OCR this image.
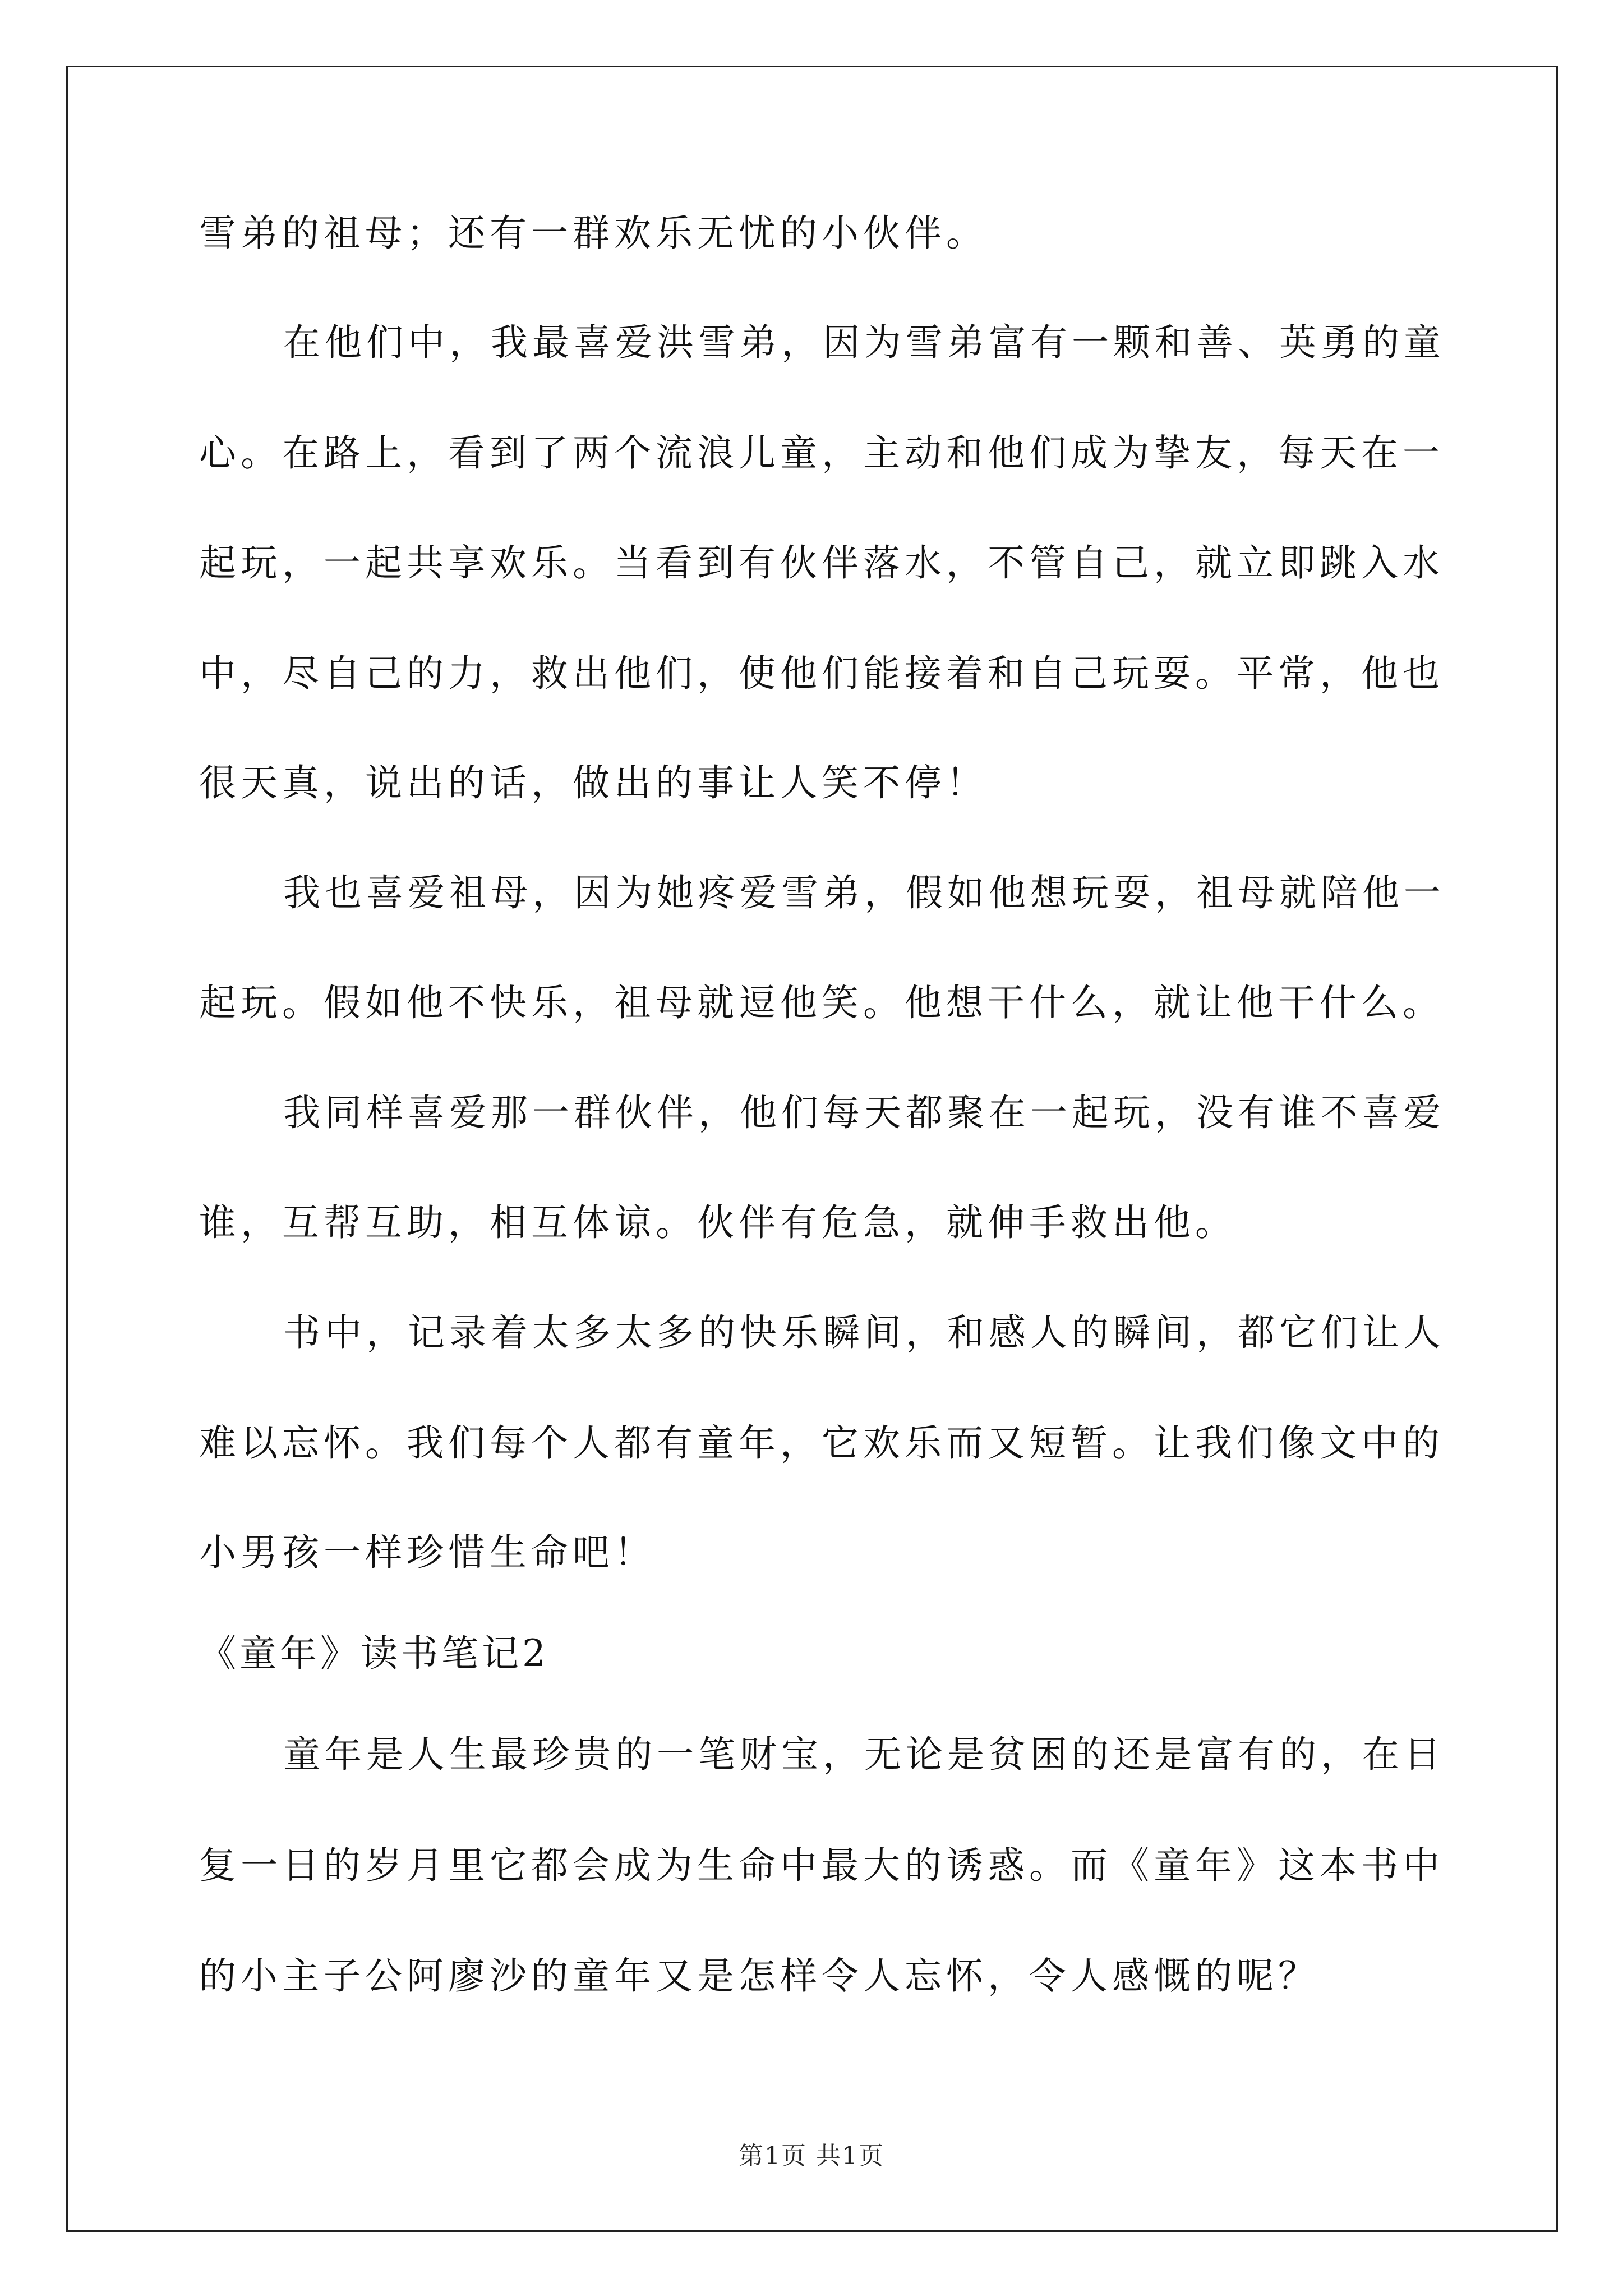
雪弟的祖母；还有一群欢乐无忧的小伙伴。
在他们中，我最喜爱洪雪弟，因为雪弟富有一颗和善、英勇的童
心。在路上，看到了两个流浪儿童，主动和他们成为挚友，每天在一
起玩，一起共享欢乐。当看到有伙伴落水，不管自己，就立即跳入水
中，尽自己的力，救出他们，使他们能接着和自己玩耍。平常，他也
很天真，说出的话，做出的事让人笑不停！
我也喜爱祖母，因为她疼爱雪弟，假如他想玩耍，祖母就陪他一
起玩。假如他不快乐，祖母就逗他笑。他想干什么，就让他干什么。
我同样喜爱那一群伙伴，他们每天都聚在一起玩，没有谁不喜爱
谁，互帮互助，相互体谅。伙伴有危急，就伸手救出他。
书中，记录着太多太多的快乐瞬间，和感人的瞬间，都它们让人
难以忘怀。我们每个人都有童年，它欢乐而又短暂。让我们像文中的
小男孩一样珍惜生命吧！
《童年》读书笔记2
童年是人生最珍贵的一笔财宝，无论是贫困的还是富有的，在日
复一日的岁月里它都会成为生命中最大的诱惑。而《童年》这本书中
的小主子公阿廖沙的童年又是怎样令人忘怀，令人感慨的呢？
第1页 共1页
